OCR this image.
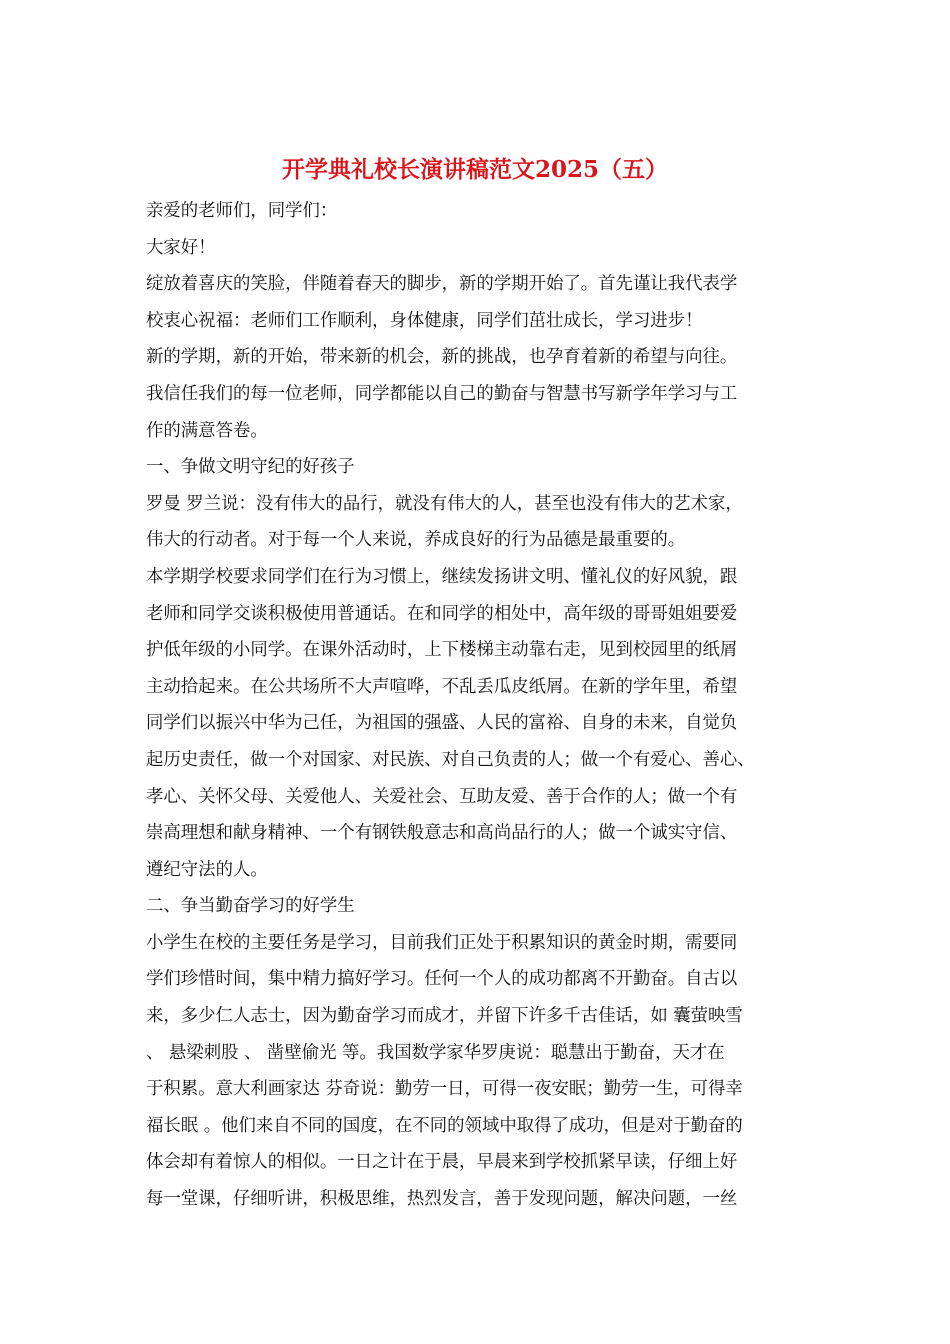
开学典礼校长演讲稿范文2025（五）

亲爱的老师们，同学们：

大家好！

绽放着喜庆的笑脸，伴随着春天的脚步，新的学期开始了。首先谨让我代表学
校衷心祝福：老师们工作顺利，身体健康，同学们茁壮成长，学习进步！

新的学期，新的开始，带来新的机会，新的挑战，也孕育着新的希望与向往。
我信任我们的每一位老师，同学都能以自己的勤奋与智慧书写新学年学习与工
作的满意答卷。

一、争做文明守纪的好孩子

罗曼 罗兰说：没有伟大的品行，就没有伟大的人，甚至也没有伟大的艺术家，
伟大的行动者。对于每一个人来说，养成良好的行为品德是最重要的。

本学期学校要求同学们在行为习惯上，继续发扬讲文明、懂礼仪的好风貌，跟
老师和同学交谈积极使用普通话。在和同学的相处中，高年级的哥哥姐姐要爱
护低年级的小同学。在课外活动时，上下楼梯主动靠右走，见到校园里的纸屑
主动拾起来。在公共场所不大声喧哗，不乱丢瓜皮纸屑。在新的学年里，希望
同学们以振兴中华为己任，为祖国的强盛、人民的富裕、自身的未来，自觉负
起历史责任，做一个对国家、对民族、对自己负责的人；做一个有爱心、善心、
孝心、关怀父母、关爱他人、关爱社会、互助友爱、善于合作的人；做一个有
崇高理想和献身精神、一个有钢铁般意志和高尚品行的人；做一个诚实守信、
遵纪守法的人。

二、争当勤奋学习的好学生

小学生在校的主要任务是学习，目前我们正处于积累知识的黄金时期，需要同
学们珍惜时间，集中精力搞好学习。任何一个人的成功都离不开勤奋。自古以
来，多少仁人志士，因为勤奋学习而成才，并留下许多千古佳话，如 囊萤映雪
、 悬梁刺股 、 凿壁偷光 等。我国数学家华罗庚说：聪慧出于勤奋，天才在
于积累。意大利画家达 芬奇说：勤劳一日，可得一夜安眠；勤劳一生，可得幸
福长眠 。他们来自不同的国度，在不同的领域中取得了成功，但是对于勤奋的
体会却有着惊人的相似。一日之计在于晨，早晨来到学校抓紧早读，仔细上好
每一堂课，仔细听讲，积极思维，热烈发言，善于发现问题，解决问题，一丝
